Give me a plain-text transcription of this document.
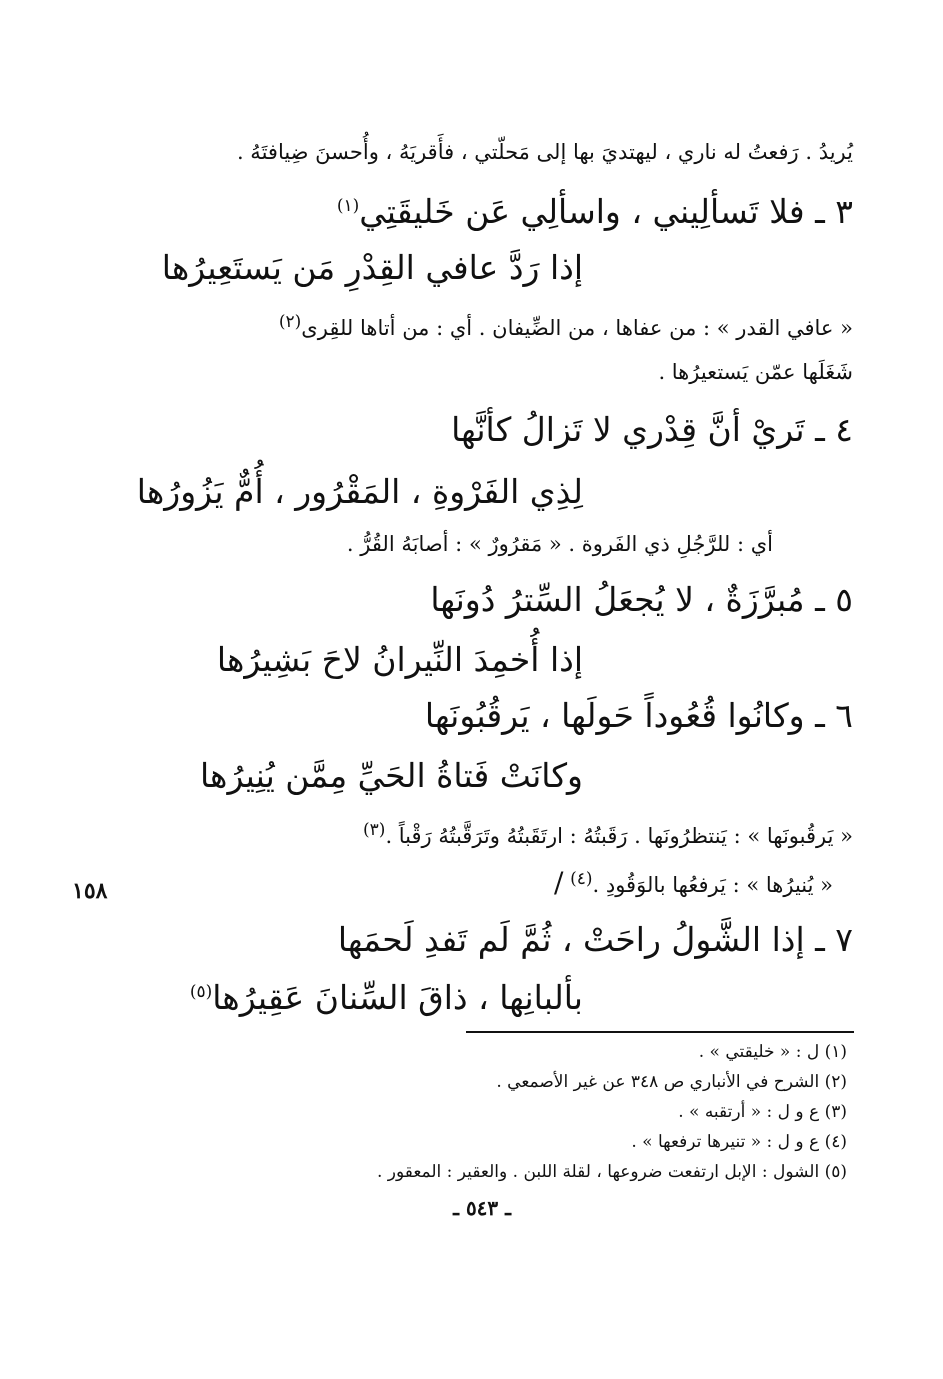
يُريدُ . رَفعتُ له ناري ، ليهتديَ بها إلى مَحلّتي ، فأَقريَهُ ، وأُحسنَ ضِيافتَهُ .
٣ ـ فلا تَسألِيني ، واسألِي عَن خَليقَتِي$^{(١)}$
إذا رَدَّ عافي القِدْرِ مَن يَستَعِيرُها
« عافي القدر » : من عفاها ، من الضِّيفان . أي : من أتاها للقِرى$^{(٢)}$
شَغَلَها عمّن يَستعيرُها .
٤ ـ تَريْ أنَّ قِدْري لا تَزالُ كأنَّها
لِذِي الفَرْوةِ ، المَقْرُور ، أُمٌّ يَزُورُها
أي : للرَّجُلِ ذي الفَروة . « مَقرُورٌ » : أصابَهُ القُرُّ .
٥ ـ مُبرَّزَةٌ ، لا يُجعَلُ السِّترُ دُونَها
إذا أُخمِدَ النِّيرانُ لاحَ بَشِيرُها
٦ ـ وكانُوا قُعُوداً حَولَها ، يَرقُبُونَها
وكانَتْ فَتاةُ الحَيِّ مِمَّن يُنِيرُها
« يَرقُبونَها » : يَنتظرُونَها . رَقَبتُهُ : ارتَقَبتُهُ وتَرَقَّبتُهُ رَقْباً .$^{(٣)}$
« يُنيرُها » : يَرفعُها بالوَقُودِ .$^{(٤)}$ /
١٥٨
٧ ـ إذا الشَّولُ راحَتْ ، ثُمَّ لَم تَفدِ لَحمَها
بألبانِها ، ذاقَ السِّنانَ عَقِيرُها$^{(٥)}$
(١) ل : « خليقتي » .
(٢) الشرح في الأنباري ص ٣٤٨ عن غير الأصمعي .
(٣) ع و ل : « أرتقبه » .
(٤) ع و ل : « تنيرها ترفعها » .
(٥) الشول : الإبل ارتفعت ضروعها ، لقلة اللبن . والعقير : المعقور .
ـ ٥٤٣ ـ
